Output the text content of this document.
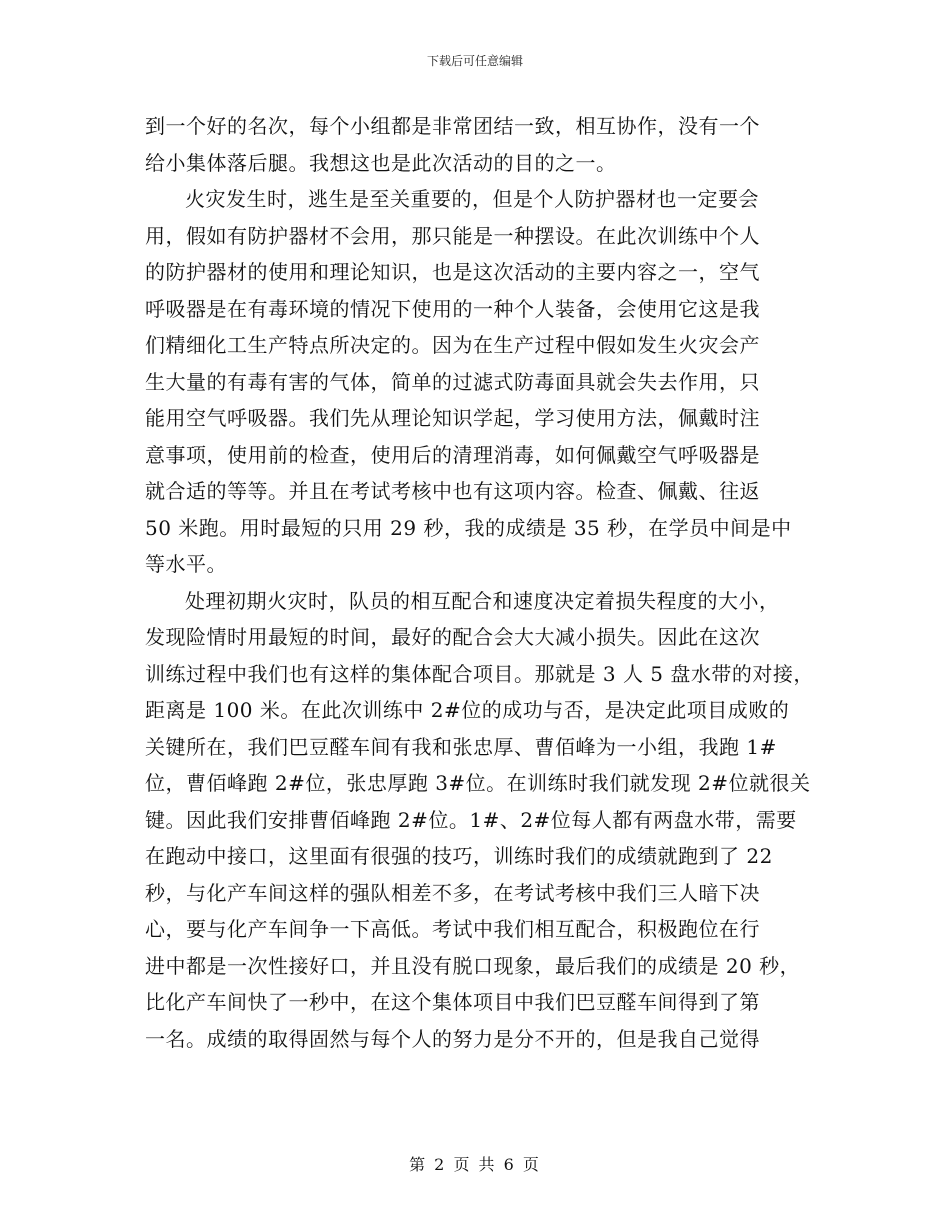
下载后可任意编辑
到一个好的名次，每个小组都是非常团结一致，相互协作，没有一个
给小集体落后腿。我想这也是此次活动的目的之一。
火灾发生时，逃生是至关重要的，但是个人防护器材也一定要会
用，假如有防护器材不会用，那只能是一种摆设。在此次训练中个人
的防护器材的使用和理论知识，也是这次活动的主要内容之一，空气
呼吸器是在有毒环境的情况下使用的一种个人装备，会使用它这是我
们精细化工生产特点所决定的。因为在生产过程中假如发生火灾会产
生大量的有毒有害的气体，简单的过滤式防毒面具就会失去作用，只
能用空气呼吸器。我们先从理论知识学起，学习使用方法，佩戴时注
意事项，使用前的检查，使用后的清理消毒，如何佩戴空气呼吸器是
就合适的等等。并且在考试考核中也有这项内容。检查、佩戴、往返
50 米跑。用时最短的只用 29 秒，我的成绩是 35 秒，在学员中间是中
等水平。
处理初期火灾时，队员的相互配合和速度决定着损失程度的大小，
发现险情时用最短的时间，最好的配合会大大减小损失。因此在这次
训练过程中我们也有这样的集体配合项目。那就是 3 人 5 盘水带的对接，
距离是 100 米。在此次训练中 2#位的成功与否，是决定此项目成败的
关键所在，我们巴豆醛车间有我和张忠厚、曹佰峰为一小组，我跑 1#
位，曹佰峰跑 2#位，张忠厚跑 3#位。在训练时我们就发现 2#位就很关
键。因此我们安排曹佰峰跑 2#位。1#、2#位每人都有两盘水带，需要
在跑动中接口，这里面有很强的技巧，训练时我们的成绩就跑到了 22
秒，与化产车间这样的强队相差不多，在考试考核中我们三人暗下决
心，要与化产车间争一下高低。考试中我们相互配合，积极跑位在行
进中都是一次性接好口，并且没有脱口现象，最后我们的成绩是 20 秒，
比化产车间快了一秒中，在这个集体项目中我们巴豆醛车间得到了第
一名。成绩的取得固然与每个人的努力是分不开的，但是我自己觉得
第 2 页 共 6 页
